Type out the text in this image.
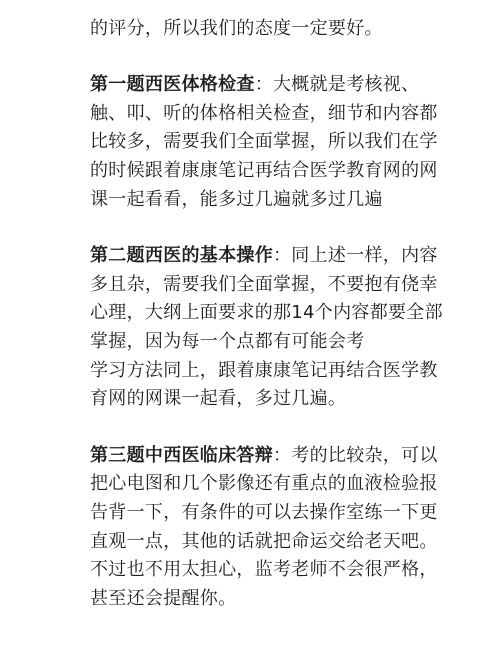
的评分，所以我们的态度一定要好。

第一题西医体格检查：大概就是考核视、
触、叩、听的体格相关检查，细节和内容都
比较多，需要我们全面掌握，所以我们在学
的时候跟着康康笔记再结合医学教育网的网
课一起看看，能多过几遍就多过几遍

第二题西医的基本操作：同上述一样，内容
多且杂，需要我们全面掌握，不要抱有侥幸
心理，大纲上面要求的那14个内容都要全部
掌握，因为每一个点都有可能会考
学习方法同上，跟着康康笔记再结合医学教
育网的网课一起看，多过几遍。

第三题中西医临床答辩：考的比较杂，可以
把心电图和几个影像还有重点的血液检验报
告背一下，有条件的可以去操作室练一下更
直观一点，其他的话就把命运交给老天吧。
不过也不用太担心，监考老师不会很严格，
甚至还会提醒你。
